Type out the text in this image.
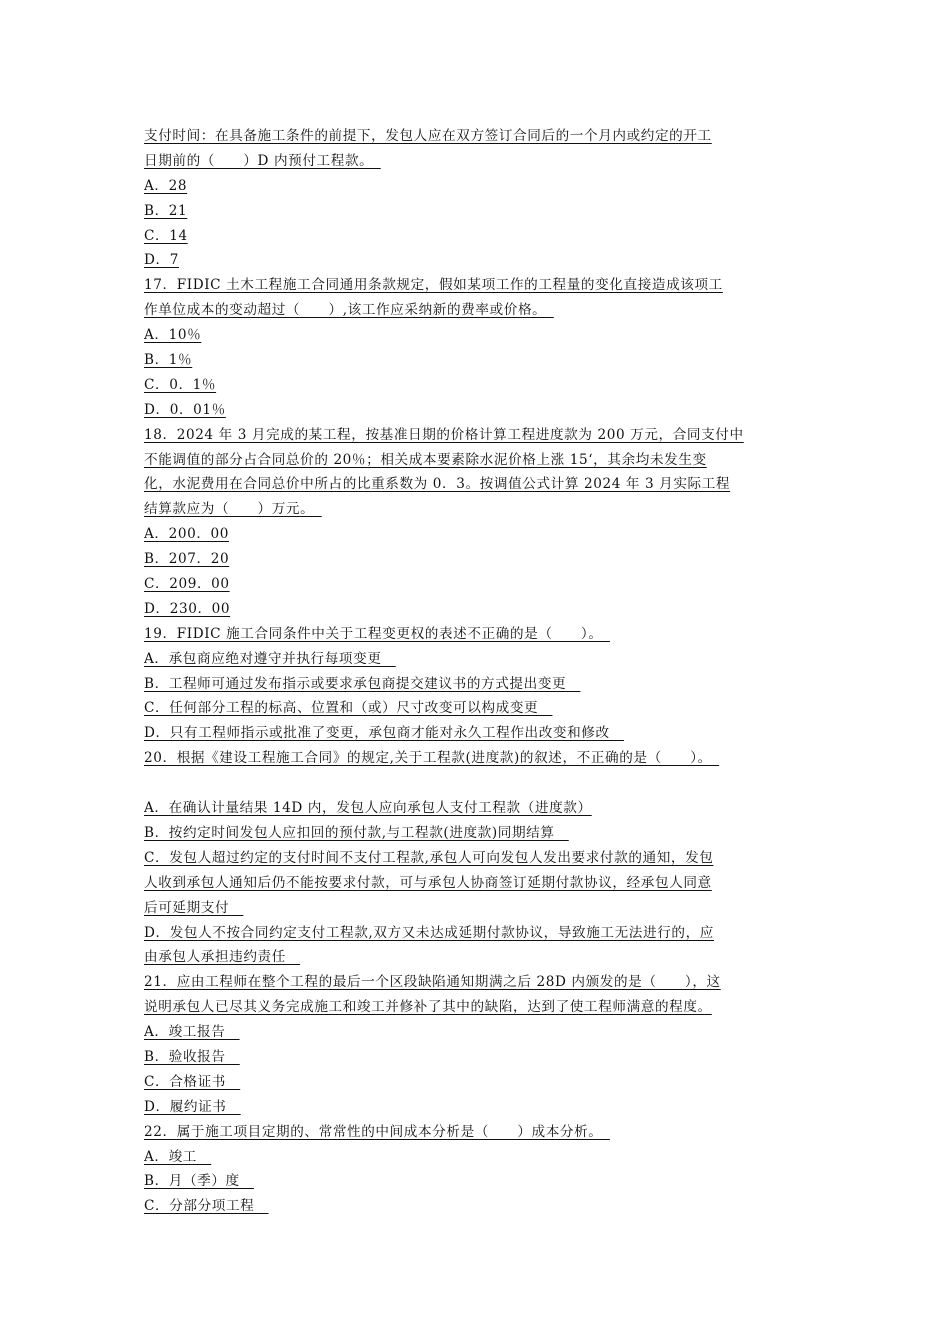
支付时间：在具备施工条件的前提下，发包人应在双方签订合同后的一个月内或约定的开工
日期前的（　　）D 内预付工程款。　
A．28
B．21
C．14
D．7
17．FIDIC 土木工程施工合同通用条款规定，假如某项工作的工程量的变化直接造成该项工
作单位成本的变动超过（　　）,该工作应采纳新的费率或价格。　
A．10％
B．1％
C．0．1％
D．0．01％
18．2024 年 3 月完成的某工程，按基准日期的价格计算工程进度款为 200 万元，合同支付中
不能调值的部分占合同总价的 20％；相关成本要素除水泥价格上涨 15‘，其余均未发生变
化，水泥费用在合同总价中所占的比重系数为 0．3。按调值公式计算 2024 年 3 月实际工程
结算款应为（　　）万元。　
A．200．00
B．207．20
C．209．00
D．230．00
19．FIDIC 施工合同条件中关于工程变更权的表述不正确的是（　　）。　
A．承包商应绝对遵守并执行每项变更　
B．工程师可通过发布指示或要求承包商提交建议书的方式提出变更　
C．任何部分工程的标高、位置和（或）尺寸改变可以构成变更　
D．只有工程师指示或批准了变更，承包商才能对永久工程作出改变和修改　
20．根据《建设工程施工合同》的规定,关于工程款(进度款)的叙述，不正确的是（　　）。　
A．在确认计量结果 14D 内，发包人应向承包人支付工程款（进度款）
B．按约定时间发包人应扣回的预付款,与工程款(进度款)同期结算　
C．发包人超过约定的支付时间不支付工程款,承包人可向发包人发出要求付款的通知，发包
人收到承包人通知后仍不能按要求付款，可与承包人协商签订延期付款协议，经承包人同意
后可延期支付　
D．发包人不按合同约定支付工程款,双方又未达成延期付款协议，导致施工无法进行的，应
由承包人承担违约责任　
21．应由工程师在整个工程的最后一个区段缺陷通知期满之后 28D 内颁发的是（　　），这
说明承包人已尽其义务完成施工和竣工并修补了其中的缺陷，达到了使工程师满意的程度。
A．竣工报告　
B．验收报告　
C．合格证书　
D．履约证书　
22．属于施工项目定期的、常常性的中间成本分析是（　　）成本分析。　
A．竣工　
B．月（季）度　
C．分部分项工程　
